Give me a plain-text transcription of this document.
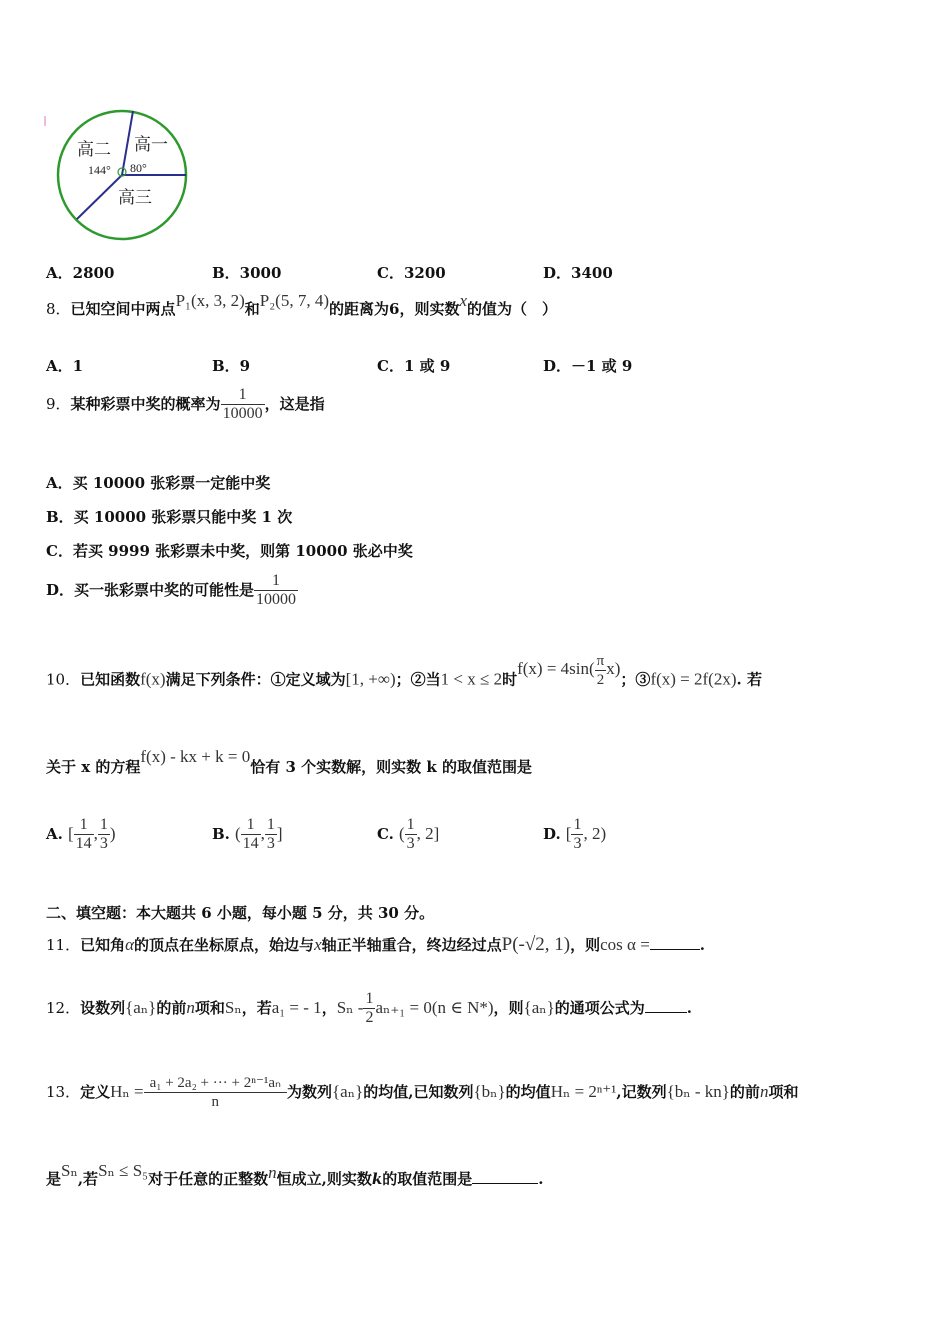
高二 高一
高三
144° 80°
A．2800	B．3000	C．3200	D．3400
8．已知空间中两点P₁(x, 3, 2)和P₂(5, 7, 4)的距离为6，则实数x的值为（　）
A．1	B．9	C．1 或 9	D．－1 或 9
9．某种彩票中奖的概率为 $\frac{1}{10000}$ ，这是指
A．买 10000 张彩票一定能中奖
B．买 10000 张彩票只能中奖 1 次
C．若买 9999 张彩票未中奖，则第 10000 张必中奖
D．买一张彩票中奖的可能性是 $\frac{1}{10000}$
10．已知函数f(x)满足下列条件：①定义域为[1, +∞)；②当1 < x ≤ 2时$f(x) = 4\sin( \frac{\pi}{2} x)$；③f(x) = 2f(2x). 若
关于 x 的方程f(x) - kx + k = 0恰有 3 个实数解，则实数 k 的取值范围是
A. [ $\frac{1}{14}$ , $\frac{1}{3}$ )	B. ( $\frac{1}{14}$ , $\frac{1}{3}$ ]	C. ( $\frac{1}{3}$ , 2]	D. [ $\frac{1}{3}$ , 2)
二、填空题：本大题共 6 小题，每小题 5 分，共 30 分。
11．已知角α的顶点在坐标原点，始边与x轴正半轴重合，终边经过点P(-√2, 1)，则cos α =	.
12．设数列{aₙ}的前n项和Sₙ，若a₁ = - 1，$S_n - \frac{1}{2} a_{n+1} = 0(n$ ∈ N*)，则{aₙ}的通项公式为	.
13．定义$H_n = \frac{\text{a₁ + 2a₂ + ··· + 2ⁿ⁻¹aₙ}}{n}$ 为数列{aₙ}的均值,已知数列{bₙ}的均值Hₙ = 2ⁿ⁺¹,记数列{bₙ - kn}的前n项和
是Sₙ,若Sₙ ≤ S₅对于任意的正整数n恒成立,则实数k的取值范围是	.
